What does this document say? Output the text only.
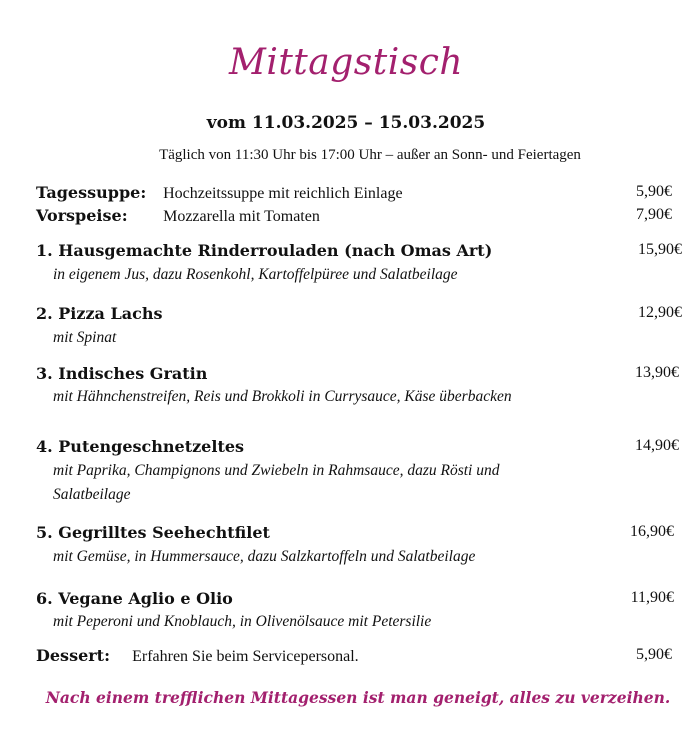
Mittagstisch
vom 11.03.2025 – 15.03.2025
Täglich von 11:30 Uhr bis 17:00 Uhr – außer an Sonn- und Feiertagen
Tagessuppe: Hochzeitssuppe mit reichlich Einlage	5,90€
Vorspeise: Mozzarella mit Tomaten	7,90€
1. Hausgemachte Rinderrouladen (nach Omas Art)	15,90€
in eigenem Jus, dazu Rosenkohl, Kartoffelpüree und Salatbeilage
2. Pizza Lachs	12,90€
mit Spinat
3. Indisches Gratin	13,90€
mit Hähnchenstreifen, Reis und Brokkoli in Currysauce, Käse überbacken
4. Putengeschnetzeltes	14,90€
mit Paprika, Champignons und Zwiebeln in Rahmsauce, dazu Rösti und
Salatbeilage
5. Gegrilltes Seehechtfilet	16,90€
mit Gemüse, in Hummersauce, dazu Salzkartoffeln und Salatbeilage
6. Vegane Aglio e Olio	11,90€
mit Peperoni und Knoblauch, in Olivenölsauce mit Petersilie
Dessert: Erfahren Sie beim Servicepersonal.	5,90€
Nach einem trefflichen Mittagessen ist man geneigt, alles zu verzeihen.
